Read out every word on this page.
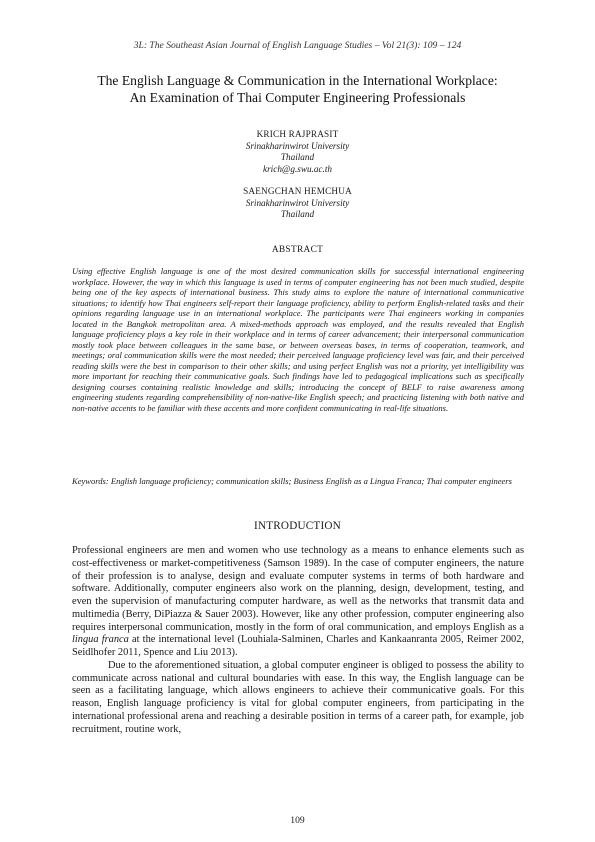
3L: The Southeast Asian Journal of English Language Studies – Vol 21(3): 109 – 124
The English Language & Communication in the International Workplace:
An Examination of Thai Computer Engineering Professionals
KRICH RAJPRASIT
Srinakharinwirot University
Thailand
krich@g.swu.ac.th
SAENGCHAN HEMCHUA
Srinakharinwirot University
Thailand
ABSTRACT

Using effective English language is one of the most desired communication skills for successful international engineering workplace. However, the way in which this language is used in terms of computer engineering has not been much studied, despite being one of the key aspects of international business. This study aims to explore the nature of international communicative situations; to identify how Thai engineers self-report their language proficiency, ability to perform English-related tasks and their opinions regarding language use in an international workplace. The participants were Thai engineers working in companies located in the Bangkok metropolitan area. A mixed-methods approach was employed, and the results revealed that English language proficiency plays a key role in their workplace and in terms of career advancement; their interpersonal communication mostly took place between colleagues in the same base, or between overseas bases, in terms of cooperation, teamwork, and meetings; oral communication skills were the most needed; their perceived language proficiency level was fair, and their perceived reading skills were the best in comparison to their other skills; and using perfect English was not a priority, yet intelligibility was more important for reaching their communicative goals. Such findings have led to pedagogical implications such as specifically designing courses containing realistic knowledge and skills; introducing the concept of BELF to raise awareness among engineering students regarding comprehensibility of non-native-like English speech; and practicing listening with both native and non-native accents to be familiar with these accents and more confident communicating in real-life situations.

Keywords: English language proficiency; communication skills; Business English as a Lingua Franca; Thai computer engineers

INTRODUCTION

Professional engineers are men and women who use technology as a means to enhance elements such as cost-effectiveness or market-competitiveness (Samson 1989). In the case of computer engineers, the nature of their profession is to analyse, design and evaluate computer systems in terms of both hardware and software. Additionally, computer engineers also work on the planning, design, development, testing, and even the supervision of manufacturing computer hardware, as well as the networks that transmit data and multimedia (Berry, DiPiazza & Sauer 2003). However, like any other profession, computer engineering also requires interpersonal communication, mostly in the form of oral communication, and employs English as a lingua franca at the international level (Louhiala-Salminen, Charles and Kankaanranta 2005, Reimer 2002, Seidlhofer 2011, Spence and Liu 2013).

Due to the aforementioned situation, a global computer engineer is obliged to possess the ability to communicate across national and cultural boundaries with ease. In this way, the English language can be seen as a facilitating language, which allows engineers to achieve their communicative goals. For this reason, English language proficiency is vital for global computer engineers, from participating in the international professional arena and reaching a desirable position in terms of a career path, for example, job recruitment, routine work,

109
